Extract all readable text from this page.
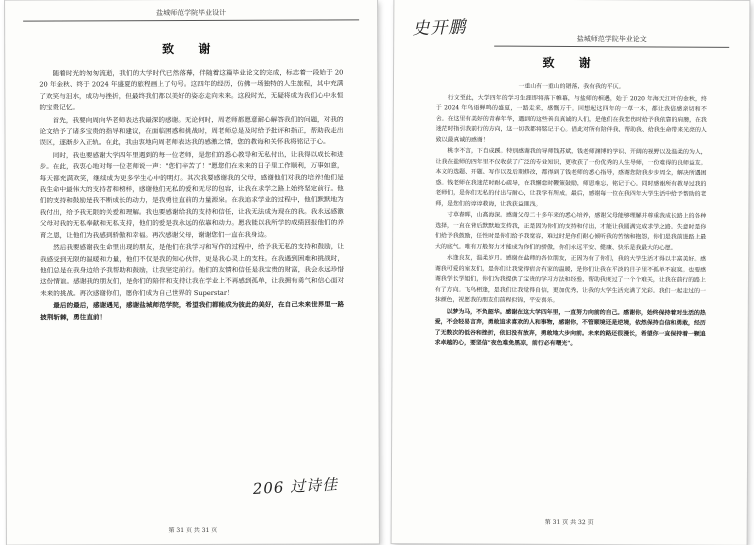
盐城师范学院毕业设计
致 谢

随着时光的匆匆流逝，我们的大学时代已然落幕，伴随着这篇毕业论文的完成，标志着一段始于 2020 年金秋、终于 2024 年盛夏的旅程画上了句号。这四年的经历，仿佛一场独特的人生旅程，其中充满了欢笑与泪水，成功与挫折，但最终我们都以美好的姿态走向未来。这段时光，无疑将成为我们心中永恒的宝贵记忆。

首先，我要向周向华老师表达我最深的感谢。无论何时，周老师都愿意耐心解答我们的问题，对我的论文给予了诸多宝贵的指导和建议，在面临困惑和挑战时，周老师总是及时给予批评和指正，帮助我走出误区，逐渐步入正轨。在此，我由衷地向周老师表达我的感激之情，您的教诲和关怀我将铭记于心。

同时，我也要感谢大学四年里遇到的每一位老师，是您们的悉心教导和无私付出，让我得以成长和进步。在此，我衷心地对每一位老师说一声："您们辛苦了！"愿您们在未来的日子里工作顺利，万事如意，每天都充满欢笑，继续成为更多学生心中的明灯。其次我要感谢我的父母，感谢他们对我的培养!他们是我生命中最伟大的支持者和榜样，感谢他们无私的爱和无尽的包容，让我在求学之路上始终坚定前行。他们的支持和鼓励是我不断成长的动力，是我勇往直前的力量源泉。在我追求学业的过程中，他们默默地为我付出，给予我无限的关爱和理解。我也要感谢给我的支持和信任，让我无法成为现在的我。我永远感激父母对我的无私奉献和无私支持，他们的爱是我永远的依靠和动力。愿我能以我所学的成绩回报他们的养育之恩，让他们为我感到骄傲和幸福。再次感谢父母，谢谢您们一直在我身边。

然后我要感谢我生命里出现的朋友，是他们在我学习和写作的过程中，给予我无私的支持和鼓励，让我感受到无限的温暖和力量，他们不仅是我的知心伙伴，更是我心灵上的支柱。在我遇到困难和挑战时，他们总是在我身边给予我帮助和鼓励，让我坚定前行。他们的友情和信任是我宝贵的财富，我会永远珍惜这份情谊。感谢我的朋友们，是你们的陪伴和支持让我在学业上不再感到孤单，让我拥有勇气和信心面对未来的挑战。再次感谢你们，愿你们成为自己世界的 Superstar！

最后的最后，感谢遇见，感谢盐城师范学院，希望我们都能成为彼此的美好，在自己未来世界里一路披荆斩棘，勇往直前！

206 过诗佳
第 31 页 共 31 页
史开鹏
盐城师范学院毕业论文
致 谢

一重山有一重山的错落，我有我的平仄。

行文至此，大学四年的学习生涯即将落下帷幕，与盐师的相遇，始于 2020 年海天江叶的金秋，终于 2024 年鸟语蝉鸣的盛夏，一路走来，感慨万千。回想起这四年的一草一木，都让我倍感亲切和不舍。在这里有美好的青春年华，遇到的这些善良真诚的人们，是他们在我悲伤时给予我依靠的肩膀，在我迷茫时指引我前行的方向，这一切我都将铭记于心。借此对所有陪伴我、帮助我、给我生命带来光亮的人致以最真诚的感谢！

桃李不言，下自成蹊。特别感谢我的导师钱苏斌，钱老师渊博的学识、开阔的视野以及温柔的为人，让我在盐师的四年里不仅收获了广泛的专业知识，更收获了一份优秀的人生导师，一份难得的良师益友。本文的选题、开题、写作以及后期修改，都得到了钱老师的悉心指导，感谢您陪我步步周全，解决所遇困惑。钱老师在我迷茫时耐心疏导，在我懈怠时鞭策鼓励，师恩难忘，铭记于心。同时感谢所有教导过我的老师们，是你们无私的付出与耐心，让我学有所成。最后，感谢每一位在我四年大学生活中给予帮助的老师，是您们的谆谆教诲，让我获益匪浅。

寸草春晖，山高海深。感谢父母二十多年来的悉心培养，感谢父母能够理解并尊重我成长路上的各种选择，一直在背后默默地支持我，正是因为你们的支持和付出，才能让我圆满完成求学之路。失意时是你们给予我鼓励，任性时是你们给予我宽容，难过时是你们耐心倾听我的苦恼和抱怨，你们是我前进路上最大的底气。唯有万般努力才能成为你们的骄傲，你们永远平安、健康、快乐是我最大的心愿。

水逢良友，温柔岁月。感谢在盐师的各位朋友，正因为有了你们，我的大学生活才得以丰富美好。感谢我可爱的室友们，是你们让我觉得宿舍有家的温暖，是你们让我在平淡的日子里不孤单不寂寞。也要感谢我学长学姐们，你们为我提供了宝贵的学习方法和经验，帮助我度过了一个个难关，让我在前行的路上有了方向。飞鸟相逢，是我们让我觉得自信，更加优秀，让我的大学生活充满了光彩。我们一起走过的一抹颜色，祝愿我的朋友们前程似锦，平安喜乐。

以梦为马，不负韶华。感谢在这大学四年里，一直努力向前的自己。感谢你，始终保持着对生活的热爱，不会轻易言弃，勇敢追求喜欢的人和事物，感谢你，不管顺境还是逆境，依然保持自信和勇敢，经历了无数次的低谷和挫折，依旧没有放弃，勇敢地大步向前。未来的路还很漫长，希望你一直保持着一颗追求卓越的心，要坚信"夜色难免黑凉，前行必有曙光"。

第 31 页 共 32 页
